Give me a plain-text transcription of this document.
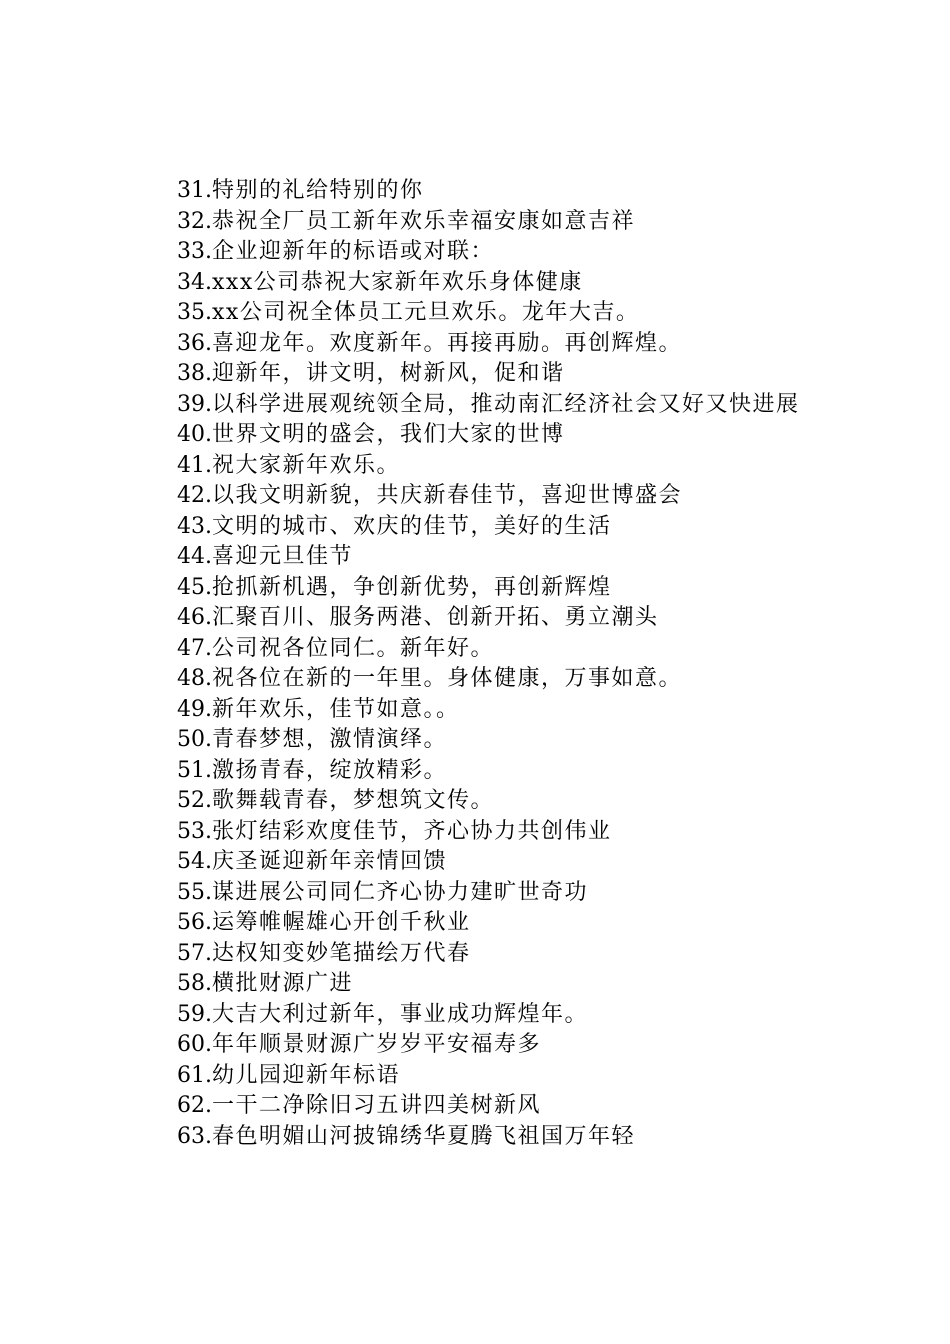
31.特别的礼给特别的你
32.恭祝全厂员工新年欢乐幸福安康如意吉祥
33.企业迎新年的标语或对联：
34.xxx公司恭祝大家新年欢乐身体健康
35.xx公司祝全体员工元旦欢乐。龙年大吉。
36.喜迎龙年。欢度新年。再接再励。再创辉煌。
38.迎新年，讲文明，树新风，促和谐
39.以科学进展观统领全局，推动南汇经济社会又好又快进展
40.世界文明的盛会，我们大家的世博
41.祝大家新年欢乐。
42.以我文明新貌，共庆新春佳节，喜迎世博盛会
43.文明的城市、欢庆的佳节，美好的生活
44.喜迎元旦佳节
45.抢抓新机遇，争创新优势，再创新辉煌
46.汇聚百川、服务两港、创新开拓、勇立潮头
47.公司祝各位同仁。新年好。
48.祝各位在新的一年里。身体健康，万事如意。
49.新年欢乐，佳节如意。。
50.青春梦想，激情演绎。
51.激扬青春，绽放精彩。
52.歌舞载青春，梦想筑文传。
53.张灯结彩欢度佳节，齐心协力共创伟业
54.庆圣诞迎新年亲情回馈
55.谋进展公司同仁齐心协力建旷世奇功
56.运筹帷幄雄心开创千秋业
57.达权知变妙笔描绘万代春
58.横批财源广进
59.大吉大利过新年，事业成功辉煌年。
60.年年顺景财源广岁岁平安福寿多
61.幼儿园迎新年标语
62.一干二净除旧习五讲四美树新风
63.春色明媚山河披锦绣华夏腾飞祖国万年轻
